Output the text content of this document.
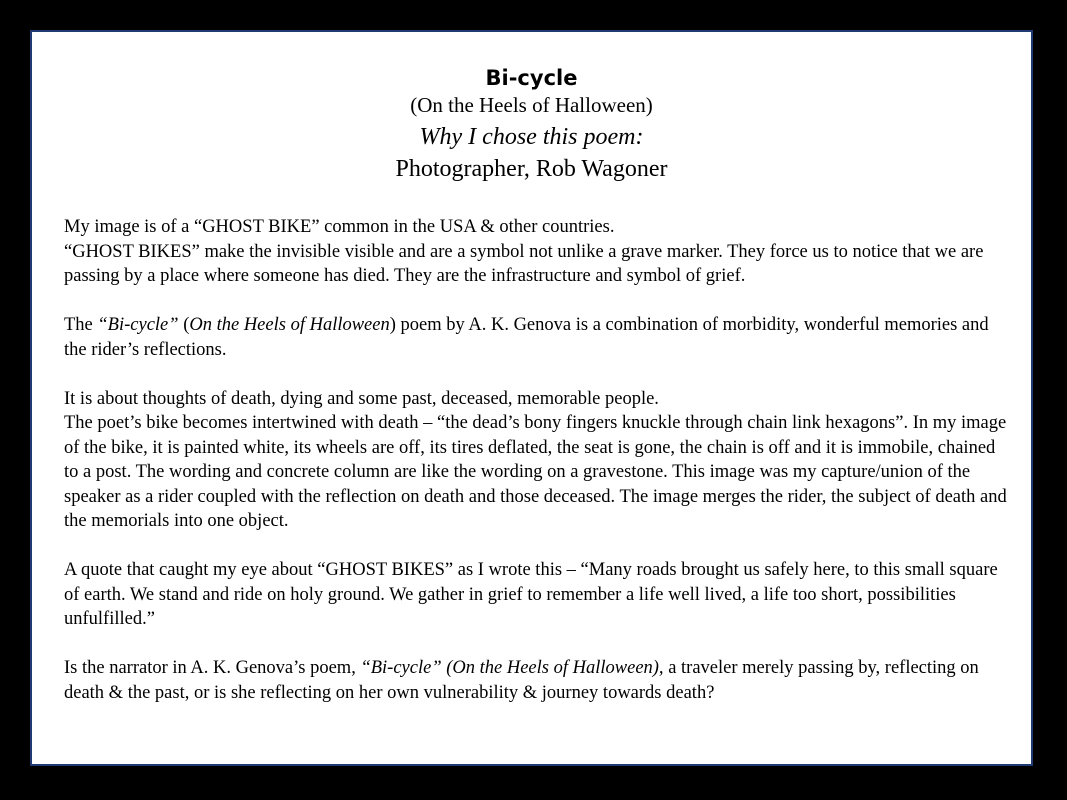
Bi-cycle
(On the Heels of Halloween)
Why I chose this poem:
Photographer, Rob Wagoner

My image is of a “GHOST BIKE” common in the USA & other countries.
“GHOST BIKES” make the invisible visible and are a symbol not unlike a grave marker. They force us to notice that we are passing by a place where someone has died. They are the infrastructure and symbol of grief.

The “Bi-cycle” (On the Heels of Halloween) poem by A. K. Genova is a combination of morbidity, wonderful memories and the rider’s reflections.

It is about thoughts of death, dying and some past, deceased, memorable people.
The poet’s bike becomes intertwined with death – “the dead’s bony fingers knuckle through chain link hexagons”. In my image of the bike, it is painted white, its wheels are off, its tires deflated, the seat is gone, the chain is off and it is immobile, chained to a post. The wording and concrete column are like the wording on a gravestone. This image was my capture/union of the speaker as a rider coupled with the reflection on death and those deceased. The image merges the rider, the subject of death and the memorials into one object.

A quote that caught my eye about “GHOST BIKES” as I wrote this – “Many roads brought us safely here, to this small square of earth. We stand and ride on holy ground. We gather in grief to remember a life well lived, a life too short, possibilities unfulfilled.”

Is the narrator in A. K. Genova’s poem, “Bi-cycle” (On the Heels of Halloween), a traveler merely passing by, reflecting on death & the past, or is she reflecting on her own vulnerability & journey towards death?
